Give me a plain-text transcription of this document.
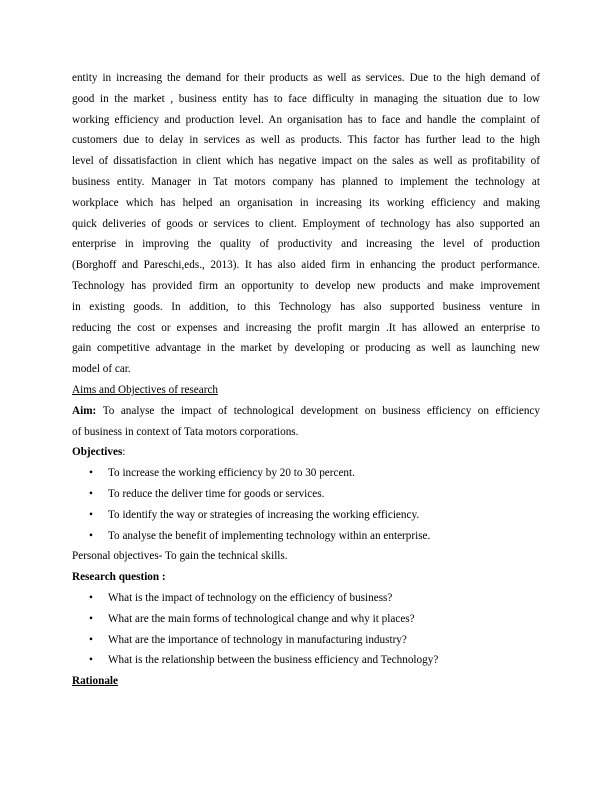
entity in increasing the demand for their products as well as services. Due to the high demand of
good in the market , business entity has to face difficulty in managing the situation due to low
working efficiency and production level. An organisation has to face and handle the complaint of
customers due to delay in services as well as products. This factor has further lead to the high
level of dissatisfaction in client which has negative impact on the sales as well as profitability of
business entity. Manager in Tat motors company has planned to implement the technology at
workplace which has helped an organisation in increasing its working efficiency and making
quick deliveries of goods or services to client. Employment of technology has also supported an
enterprise in improving the quality of productivity and increasing the level of production
(Borghoff and Pareschi,eds., 2013). It has also aided firm in enhancing the product performance.
Technology has provided firm an opportunity to develop new products and make improvement
in existing goods. In addition, to this Technology has also supported business venture in
reducing the cost or expenses and increasing the profit margin .It has allowed an enterprise to
gain competitive advantage in the market by developing or producing as well as launching new
model of car.

Aims and Objectives of research

Aim: To analyse the impact of technological development on business efficiency on efficiency
of business in context of Tata motors corporations.

Objectives:

• To increase the working efficiency by 20 to 30 percent.
• To reduce the deliver time for goods or services.
• To identify the way or strategies of increasing the working efficiency.
• To analyse the benefit of implementing technology within an enterprise.

Personal objectives- To gain the technical skills.

Research question :

• What is the impact of technology on the efficiency of business?
• What are the main forms of technological change and why it places?
• What are the importance of technology in manufacturing industry?
• What is the relationship between the business efficiency and Technology?

Rationale
